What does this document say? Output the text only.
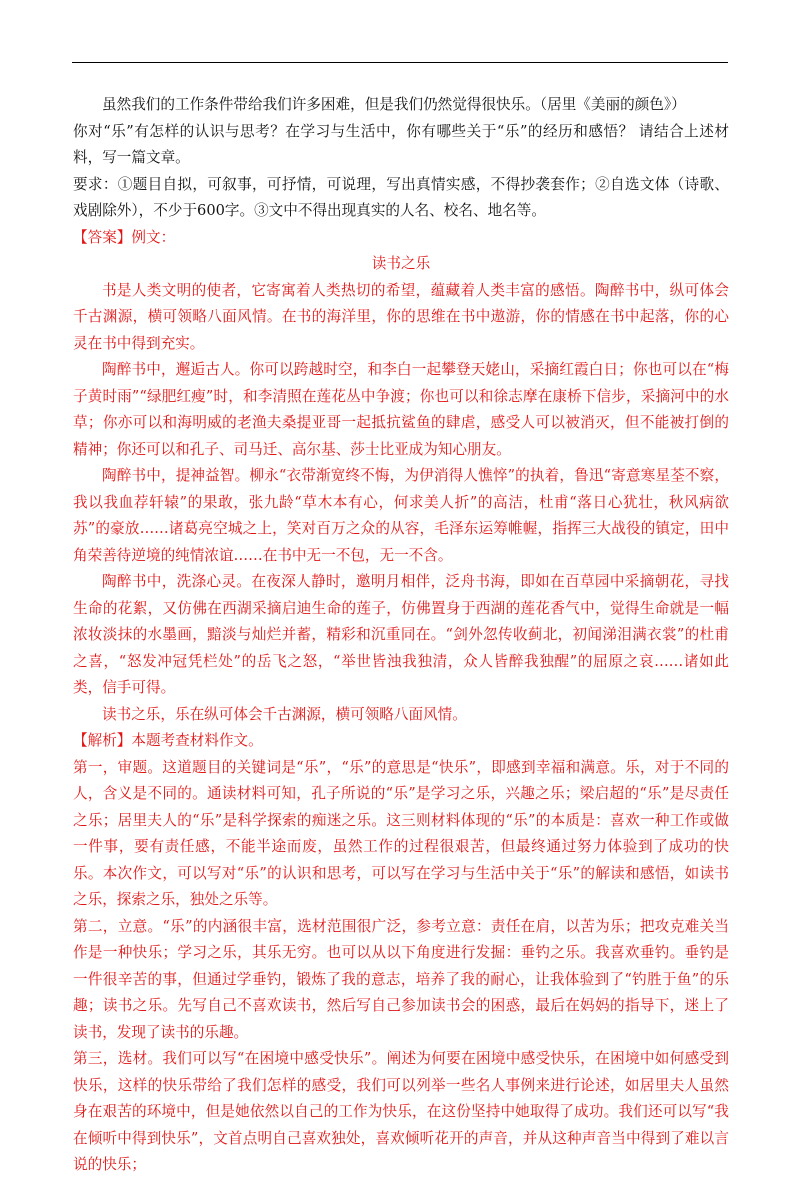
虽然我们的工作条件带给我们许多困难，但是我们仍然觉得很快乐。（居里《美丽的颜色》）

你对“乐”有怎样的认识与思考？在学习与生活中，你有哪些关于“乐”的经历和感悟？ 请结合上述材料，写一篇文章。

要求：①题目自拟，可叙事，可抒情，可说理，写出真情实感，不得抄袭套作；②自选文体（诗歌、戏剧除外），不少于600字。③文中不得出现真实的人名、校名、地名等。

【答案】例文：

读书之乐

书是人类文明的使者，它寄寓着人类热切的希望，蕴藏着人类丰富的感悟。陶醉书中，纵可体会千古渊源，横可领略八面风情。在书的海洋里，你的思维在书中遨游，你的情感在书中起落，你的心灵在书中得到充实。

陶醉书中，邂逅古人。你可以跨越时空，和李白一起攀登天姥山，采摘红霞白日；你也可以在“梅子黄时雨”“绿肥红瘦”时，和李清照在莲花丛中争渡；你也可以和徐志摩在康桥下信步，采摘河中的水草；你亦可以和海明威的老渔夫桑提亚哥一起抵抗鲨鱼的肆虐，感受人可以被消灭，但不能被打倒的精神；你还可以和孔子、司马迁、高尔基、莎士比亚成为知心朋友。

陶醉书中，提神益智。柳永“衣带渐宽终不悔，为伊消得人憔悴”的执着，鲁迅“寄意寒星荃不察，我以我血荐轩辕”的果敢，张九龄“草木本有心，何求美人折”的高洁，杜甫“落日心犹壮，秋风病欲苏”的豪放……诸葛亮空城之上，笑对百万之众的从容，毛泽东运筹帷幄，指挥三大战役的镇定，田中角荣善待逆境的纯情浓谊……在书中无一不包，无一不含。

陶醉书中，洗涤心灵。在夜深人静时，邀明月相伴，泛舟书海，即如在百草园中采摘朝花，寻找生命的花絮，又仿佛在西湖采摘启迪生命的莲子，仿佛置身于西湖的莲花香气中，觉得生命就是一幅浓妆淡抹的水墨画，黯淡与灿烂并蓄，精彩和沉重同在。“剑外忽传收蓟北，初闻涕泪满衣裳”的杜甫之喜，“怒发冲冠凭栏处”的岳飞之怒，“举世皆浊我独清，众人皆醉我独醒”的屈原之哀……诸如此类，信手可得。

读书之乐，乐在纵可体会千古渊源，横可领略八面风情。

【解析】本题考查材料作文。

第一，审题。这道题目的关键词是“乐”，“乐”的意思是“快乐”，即感到幸福和满意。乐，对于不同的人，含义是不同的。通读材料可知，孔子所说的“乐”是学习之乐，兴趣之乐；梁启超的“乐”是尽责任之乐；居里夫人的“乐”是科学探索的痴迷之乐。这三则材料体现的“乐”的本质是：喜欢一种工作或做一件事，要有责任感，不能半途而废，虽然工作的过程很艰苦，但最终通过努力体验到了成功的快乐。本次作文，可以写对“乐”的认识和思考，可以写在学习与生活中关于“乐”的解读和感悟，如读书之乐，探索之乐，独处之乐等。

第二，立意。“乐”的内涵很丰富，选材范围很广泛，参考立意：责任在肩，以苦为乐；把攻克难关当作是一种快乐；学习之乐，其乐无穷。也可以从以下角度进行发掘：垂钓之乐。我喜欢垂钓。垂钓是一件很辛苦的事，但通过学垂钓，锻炼了我的意志，培养了我的耐心，让我体验到了“钓胜于鱼”的乐趣；读书之乐。先写自己不喜欢读书，然后写自己参加读书会的困惑，最后在妈妈的指导下，迷上了读书，发现了读书的乐趣。

第三，选材。我们可以写“在困境中感受快乐”。阐述为何要在困境中感受快乐，在困境中如何感受到快乐，这样的快乐带给了我们怎样的感受，我们可以列举一些名人事例来进行论述，如居里夫人虽然身在艰苦的环境中，但是她依然以自己的工作为快乐，在这份坚持中她取得了成功。我们还可以写“我在倾听中得到快乐”，文首点明自己喜欢独处，喜欢倾听花开的声音，并从这种声音当中得到了难以言说的快乐；
